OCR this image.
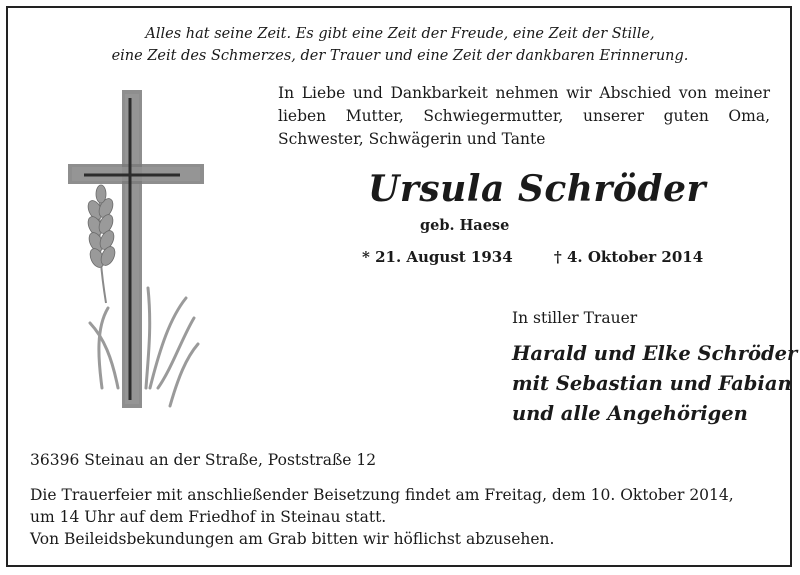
Alles hat seine Zeit. Es gibt eine Zeit der Freude, eine Zeit der Stille,
eine Zeit des Schmerzes, der Trauer und eine Zeit der dankbaren Erinnerung.
In Liebe und Dankbarkeit nehmen wir Abschied von meiner lieben Mutter, Schwiegermutter, unserer guten Oma, Schwester, Schwägerin und Tante
Ursula Schröder
geb. Haese
* 21. August 1934	† 4. Oktober 2014
In stiller Trauer
Harald und Elke Schröder
mit Sebastian und Fabian
und alle Angehörigen
36396 Steinau an der Straße, Poststraße 12
Die Trauerfeier mit anschließender Beisetzung findet am Freitag, dem 10. Oktober 2014,
um 14 Uhr auf dem Friedhof in Steinau statt.
Von Beileidsbekundungen am Grab bitten wir höflichst abzusehen.
